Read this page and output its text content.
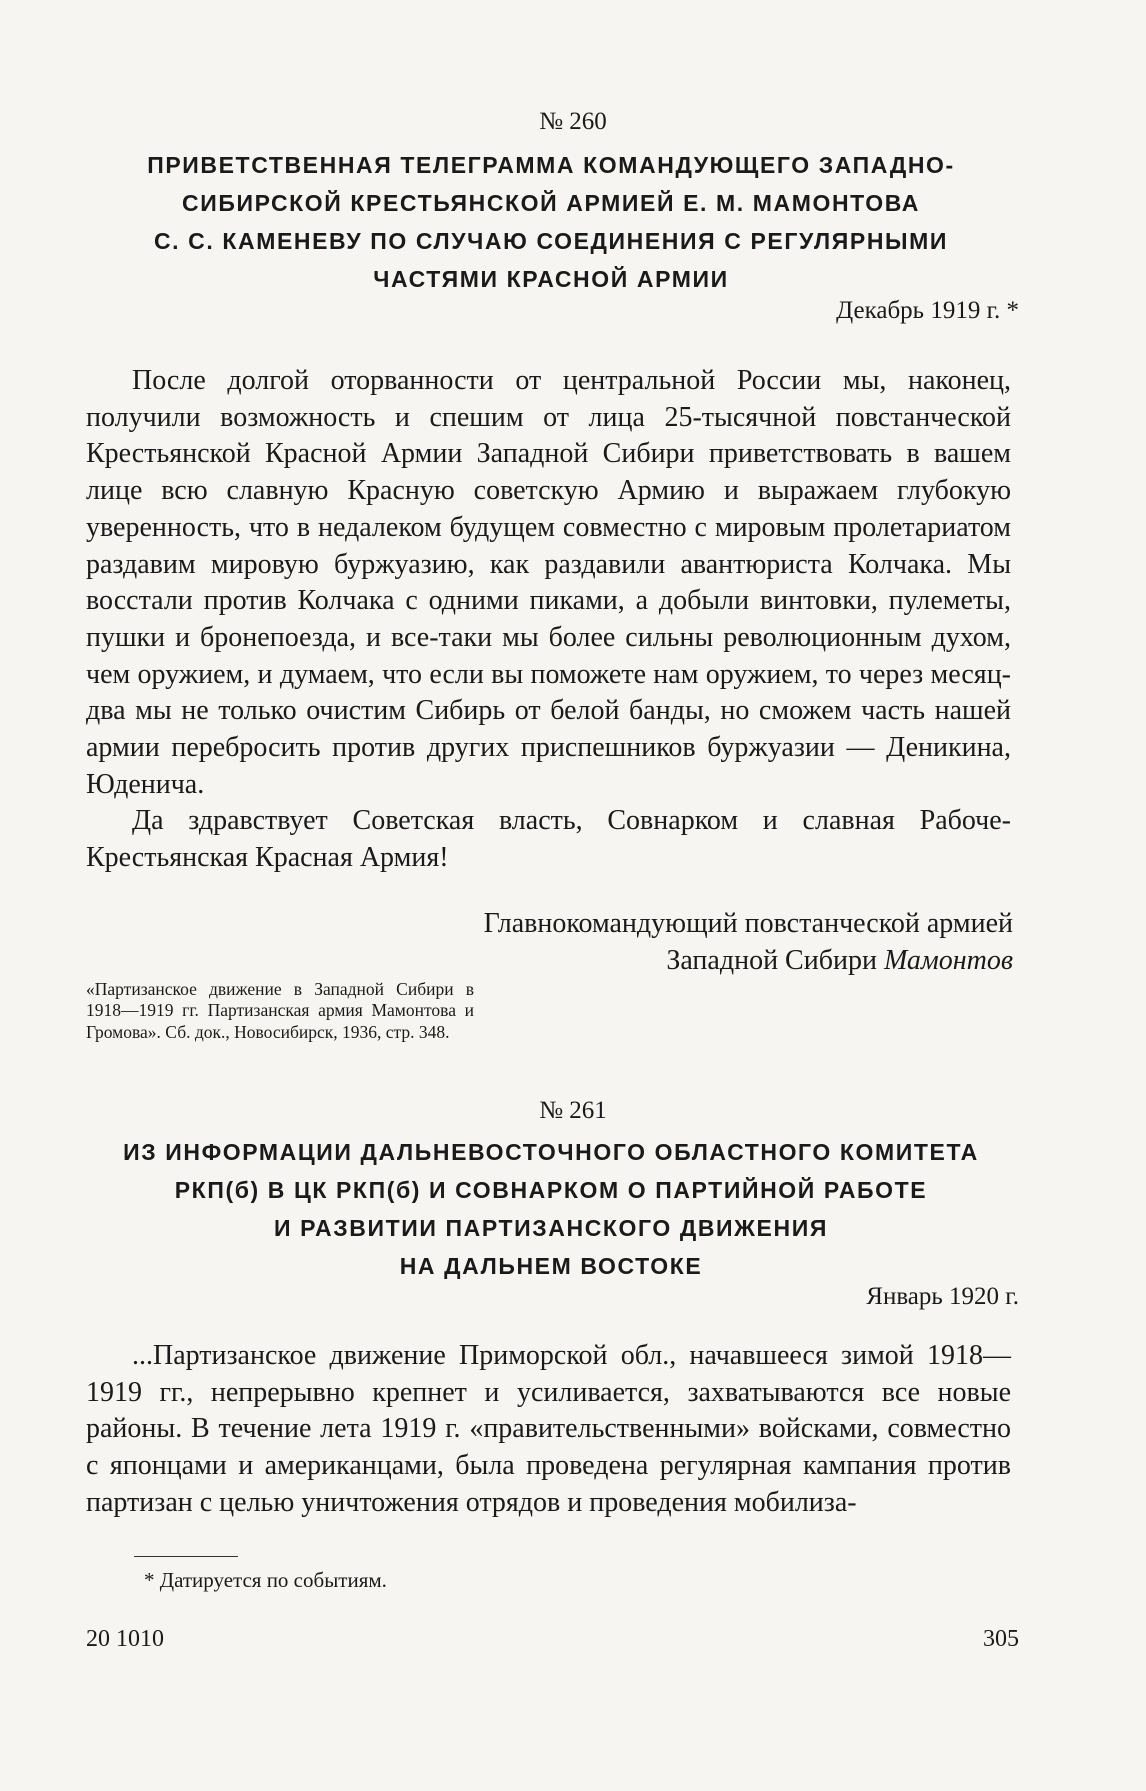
№ 260
ПРИВЕТСТВЕННАЯ ТЕЛЕГРАММА КОМАНДУЮЩЕГО ЗАПАДНО-
СИБИРСКОЙ КРЕСТЬЯНСКОЙ АРМИЕЙ Е. М. МАМОНТОВА
С. С. КАМЕНЕВУ ПО СЛУЧАЮ СОЕДИНЕНИЯ С РЕГУЛЯРНЫМИ
ЧАСТЯМИ КРАСНОЙ АРМИИ
Декабрь 1919 г. *

После долгой оторванности от центральной России мы, наконец, получили возможность и спешим от лица 25-тысячной повстанческой Крестьянской Красной Армии Западной Сибири приветствовать в вашем лице всю славную Красную советскую Армию и выражаем глубокую уверенность, что в недалеком будущем совместно с мировым пролетариатом раздавим мировую буржуазию, как раздавили авантюриста Колчака. Мы восстали против Колчака с одними пиками, а добыли винтовки, пулеметы, пушки и бронепоезда, и все-таки мы более сильны революционным духом, чем оружием, и думаем, что если вы поможете нам оружием, то через месяц-два мы не только очистим Сибирь от белой банды, но сможем часть нашей армии перебросить против других приспешников буржуазии — Деникина, Юденича.

Да здравствует Советская власть, Совнарком и славная Рабоче-Крестьянская Красная Армия!

Главнокомандующий повстанческой армией
Западной Сибири Мамонтов

«Партизанское движение в Западной Сибири в 1918—1919 гг. Партизанская армия Мамонтова и Громова». Сб. док., Новосибирск, 1936, стр. 348.

№ 261
ИЗ ИНФОРМАЦИИ ДАЛЬНЕВОСТОЧНОГО ОБЛАСТНОГО КОМИТЕТА
РКП(б) В ЦК РКП(б) И СОВНАРКОМ О ПАРТИЙНОЙ РАБОТЕ
И РАЗВИТИИ ПАРТИЗАНСКОГО ДВИЖЕНИЯ
НА ДАЛЬНЕМ ВОСТОКЕ
Январь 1920 г.

...Партизанское движение Приморской обл., начавшееся зимой 1918—1919 гг., непрерывно крепнет и усиливается, захватываются все новые районы. В течение лета 1919 г. «правительственными» войсками, совместно с японцами и американцами, была проведена регулярная кампания против партизан с целью уничтожения отрядов и проведения мобилиза-

* Датируется по событиям.
20 1010	305
